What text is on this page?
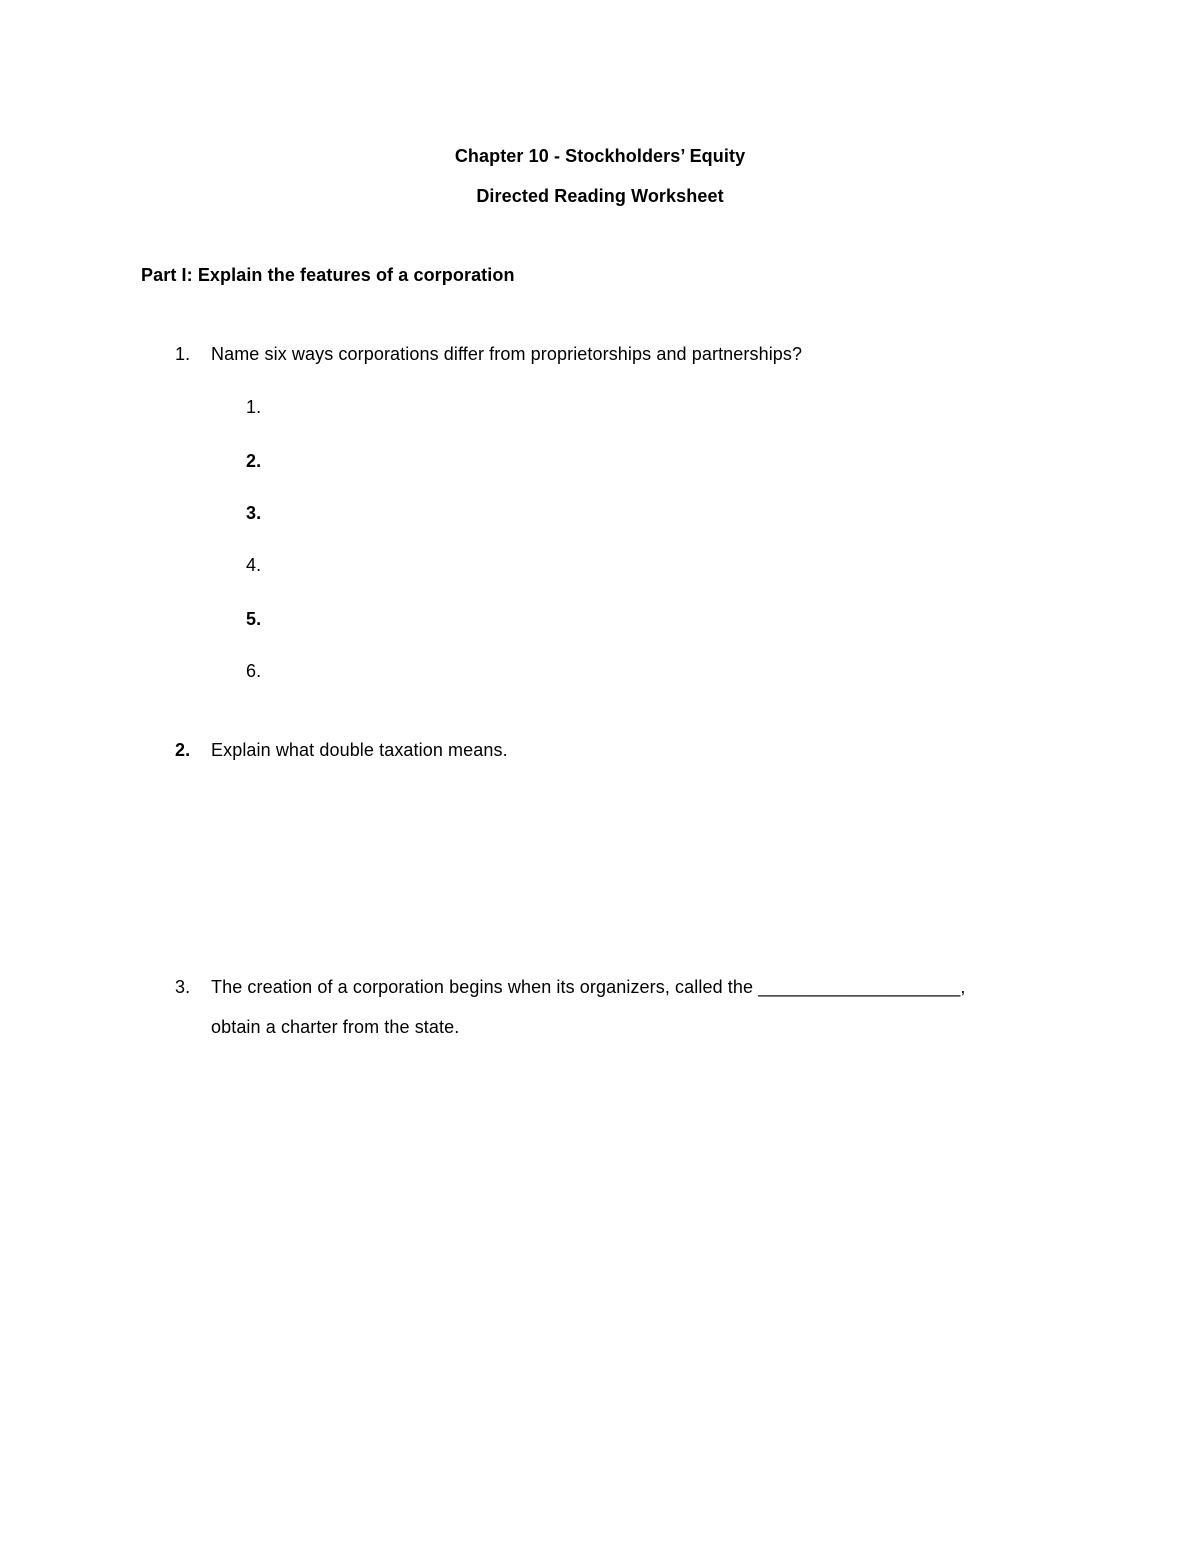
Chapter 10 - Stockholders’ Equity
Directed Reading Worksheet
Part I: Explain the features of a corporation
1. Name six ways corporations differ from proprietorships and partnerships?
1.
2.
3.
4.
5.
6.
2. Explain what double taxation means.
3. The creation of a corporation begins when its organizers, called the ____________________,
obtain a charter from the state.
